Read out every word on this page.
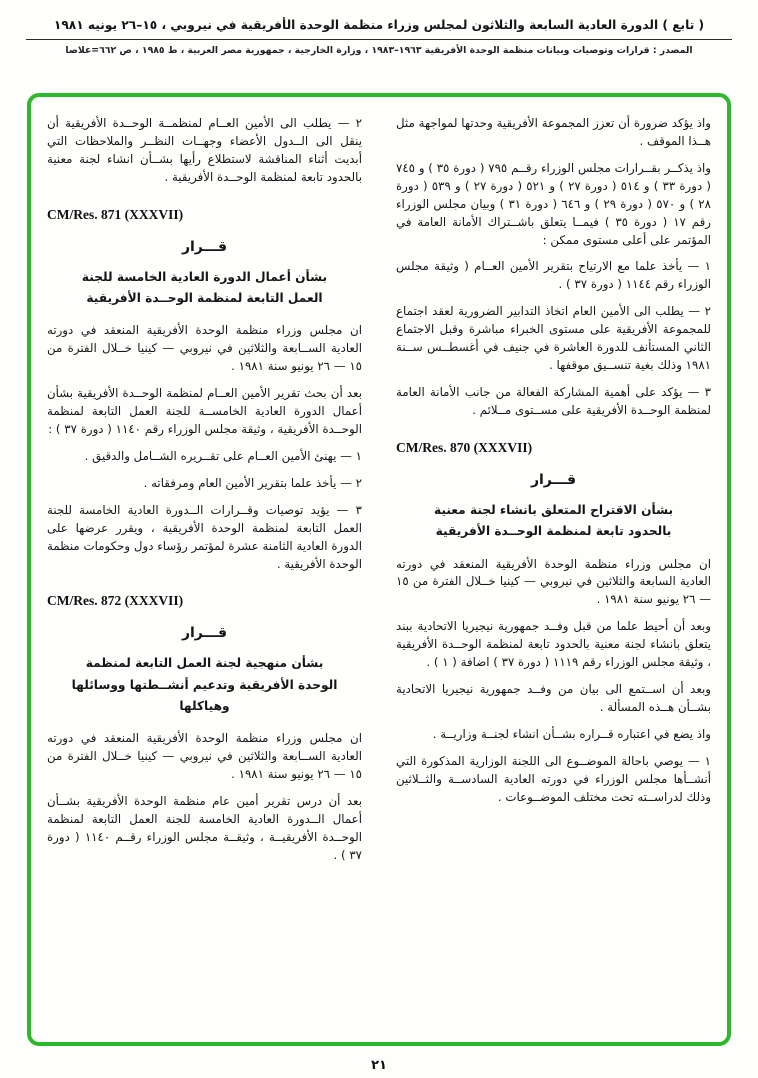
( تابع ) الدورة العادية السابعة والثلاثون لمجلس وزراء منظمة الوحدة الأفريقية في نيروبي ، ١٥–٢٦ يونيه ١٩٨١
المصدر : قرارات وتوصيات وبيانات منظمة الوحدة الأفريقية ١٩٦٣–١٩٨٣ ، وزارة الخارجية ، جمهورية مصر العربية ، ط ١٩٨٥ ، ص ٦٦٢=علاصا

واذ يؤكد ضرورة أن تعزز المجموعة الأفريقية وحدتها لمواجهة مثل هــذا الموقف .

واذ يذكــر بقــرارات مجلس الوزراء رقــم ٧٩٥ ( دورة ٣٥ ) و ٧٤٥ ( دورة ٣٣ ) و ٥١٤ ( دورة ٢٧ ) و ٥٢١ ( دورة ٢٧ ) و ٥٣٩ ( دورة ٢٨ ) و ٥٧٠ ( دورة ٢٩ ) و ٦٤٦ ( دورة ٣١ ) وبيان مجلس الوزراء رقم ١٧ ( دورة ٣٥ ) فيمــا يتعلق باشــتراك الأمانة العامة في المؤتمر على أعلى مستوى ممكن :

١ — يأخذ علما مع الارتياح بتقرير الأمين العــام ( وثيقة مجلس الوزراء رقم ١١٤٤ ( دورة ٣٧ ) .

٢ — يطلب الى الأمين العام اتخاذ التدابير الضرورية لعقد اجتماع للمجموعة الأفريقية على مستوى الخبراء مباشرة وقبل الاجتماع الثاني المستأنف للدورة العاشرة في جنيف في أغسطــس ســنة ١٩٨١ وذلك بغية تنســيق موقفها .

٣ — يؤكد على أهمية المشاركة الفعالة من جانب الأمانة العامة لمنظمة الوحــدة الأفريقية على مســتوى مــلائم .

CM/Res. 870 (XXXVII)
قـــرار
بشأن الاقتراح المتعلق بانشاء لجنة معنية بالحدود تابعة لمنظمة الوحــدة الأفريقية

ان مجلس وزراء منظمة الوحدة الأفريقية المنعقد في دورته العادية السابعة والثلاثين في نيروبي — كينيا خــلال الفترة من ١٥ — ٢٦ يونيو سنة ١٩٨١ .

وبعد أن أحيط علما من قبل وفــد جمهورية نيجيريا الاتحادية ببند يتعلق بانشاء لجنة معنية بالحدود تابعة لمنظمة الوحــدة الأفريقية ، وثيقة مجلس الوزراء رقم ١١١٩ ( دورة ٣٧ ) اضافة ( ١ ) .

وبعد أن اســتمع الى بيان من وفــد جمهورية نيجيريا الاتحادية بشــأن هــذه المسألة .

واذ يضع في اعتباره قــراره بشــأن انشاء لجنــة وزاريــة .

١ — يوصي باحالة الموضــوع الى اللجنة الوزارية المذكورة التي أنشــأها مجلس الوزراء في دورته العادية السادســة والثــلاثين وذلك لدراســته تحت مختلف الموضــوعات .

٢ — يطلب الى الأمين العــام لمنظمــة الوحــدة الأفريقية أن ينقل الى الــدول الأعضاء وجهــات النظــر والملاحظات التي أبديت أثناء المناقشة لاستطلاع رأيها بشــأن انشاء لجنة معنية بالحدود تابعة لمنظمة الوحــدة الأفريقية .

CM/Res. 871 (XXXVII)
قـــرار
بشأن أعمال الدورة العادية الخامسة للجنة العمل التابعة لمنظمة الوحــدة الأفريقية

ان مجلس وزراء منظمة الوحدة الأفريقية المنعقد في دورته العادية الســابعة والثلاثين في نيروبي — كينيا خــلال الفترة من ١٥ — ٢٦ يونيو سنة ١٩٨١ .

بعد أن بحث تقرير الأمين العــام لمنظمة الوحــدة الأفريقية بشأن أعمال الدورة العادية الخامســة للجنة العمل التابعة لمنظمة الوحــدة الأفريقية ، وثيقة مجلس الوزراء رقم ١١٤٠ ( دورة ٣٧ ) :

١ — يهنئ الأمين العــام على تقــريره الشــامل والدقيق .

٢ — يأخذ علما بتقرير الأمين العام ومرفقاته .

٣ — يؤيد توصيات وقــرارات الــدورة العادية الخامسة للجنة العمل التابعة لمنظمة الوحدة الأفريقية ، ويقرر عرضها على الدورة العادية الثامنة عشرة لمؤتمر رؤساء دول وحكومات منظمة الوحدة الأفريقية .

CM/Res. 872 (XXXVII)
قـــرار
بشأن منهجية لجنة العمل التابعة لمنظمة الوحدة الأفريقية وتدعيم أنشــطتها ووسائلها وهياكلها

ان مجلس وزراء منظمة الوحدة الأفريقية المنعقد في دورته العادية الســابعة والثلاثين في نيروبي — كينيا خــلال الفترة من ١٥ — ٢٦ يونيو سنة ١٩٨١ .

بعد أن درس تقرير أمين عام منظمة الوحدة الأفريقية بشــأن أعمال الــدورة العادية الخامسة للجنة العمل التابعة لمنظمة الوحــدة الأفريقيــة ، وثيقــة مجلس الوزراء رقــم ١١٤٠ ( دورة ٣٧ ) .

٢١
